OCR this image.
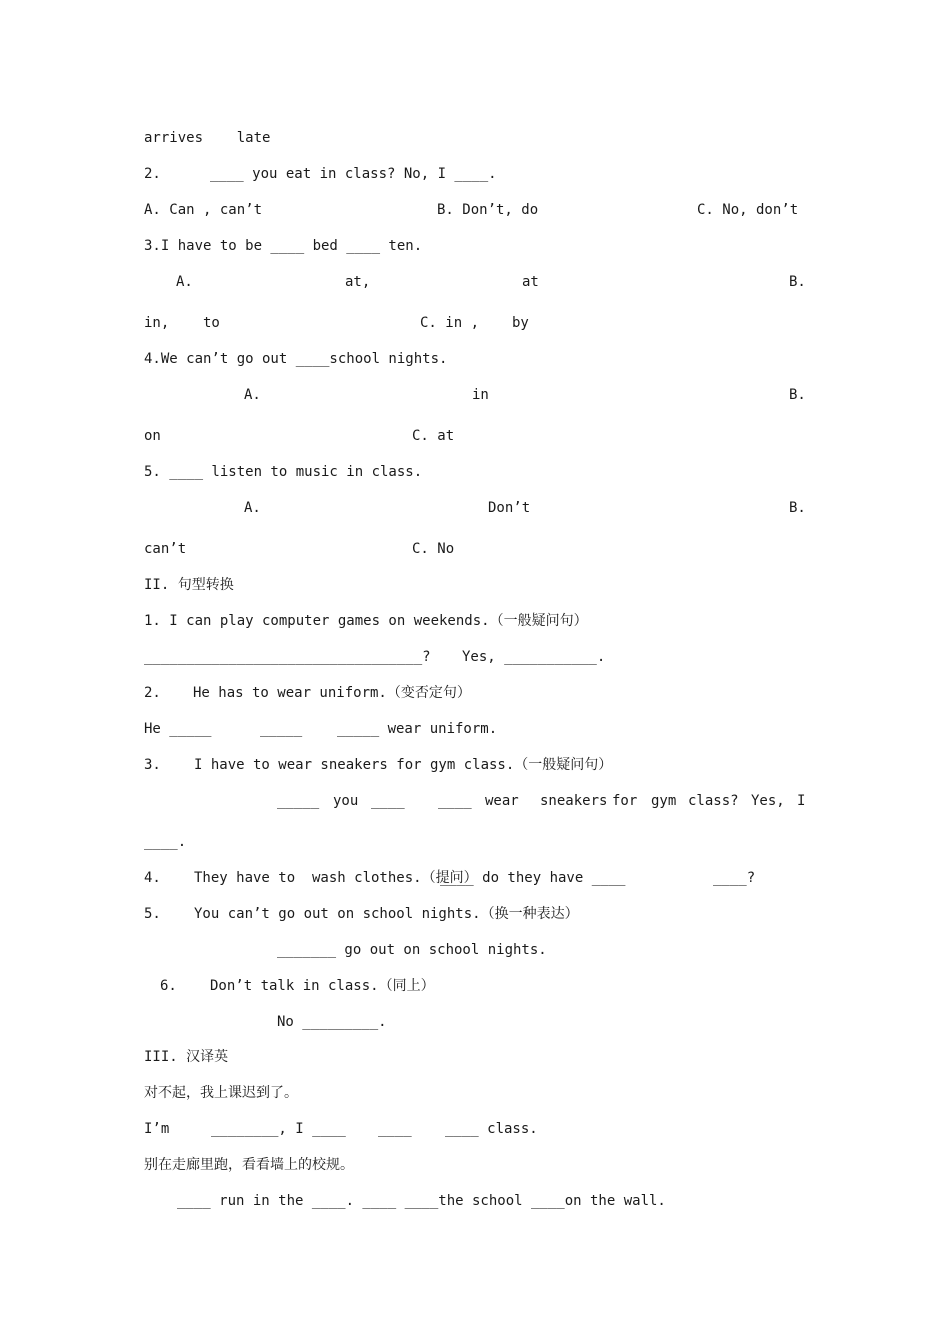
arrives    late
2.	____ you eat in class? No, I ____.
A. Can , can’t	B. Don’t, do	C. No, don’t
3.I have to be ____ bed ____ ten.
A.	at,	at	B.
in, to	C. in , by
4.We can’t go out ____school nights.
A.	in	B.
on	C. at
5. ____ listen to music in class.
A.	Don’t	B.
can’t	C. No
II. 句型转换
1. I can play computer games on weekends.（一般疑问句）
_________________________________? Yes, ___________.
2. He has to wear uniform.（变否定句）
He _____	_____ _____ wear uniform.
3. I have to wear sneakers for gym class.（一般疑问句）
_____ you ____ ____ wear sneakers for gym class? Yes, I
____.
4. They have to  wash clothes.（提问）
____ do they have ____	____?
5. You can’t go out on school nights.（换一种表达）
_______ go out on school nights.
6. Don’t talk in class.（同上）
No _________.
III. 汉译英
对不起，我上课迟到了。
I’m	________, I ____ ____ ____ class.
别在走廊里跑，看看墙上的校规。
____ run in the ____. ____ ____the school ____on the wall.
